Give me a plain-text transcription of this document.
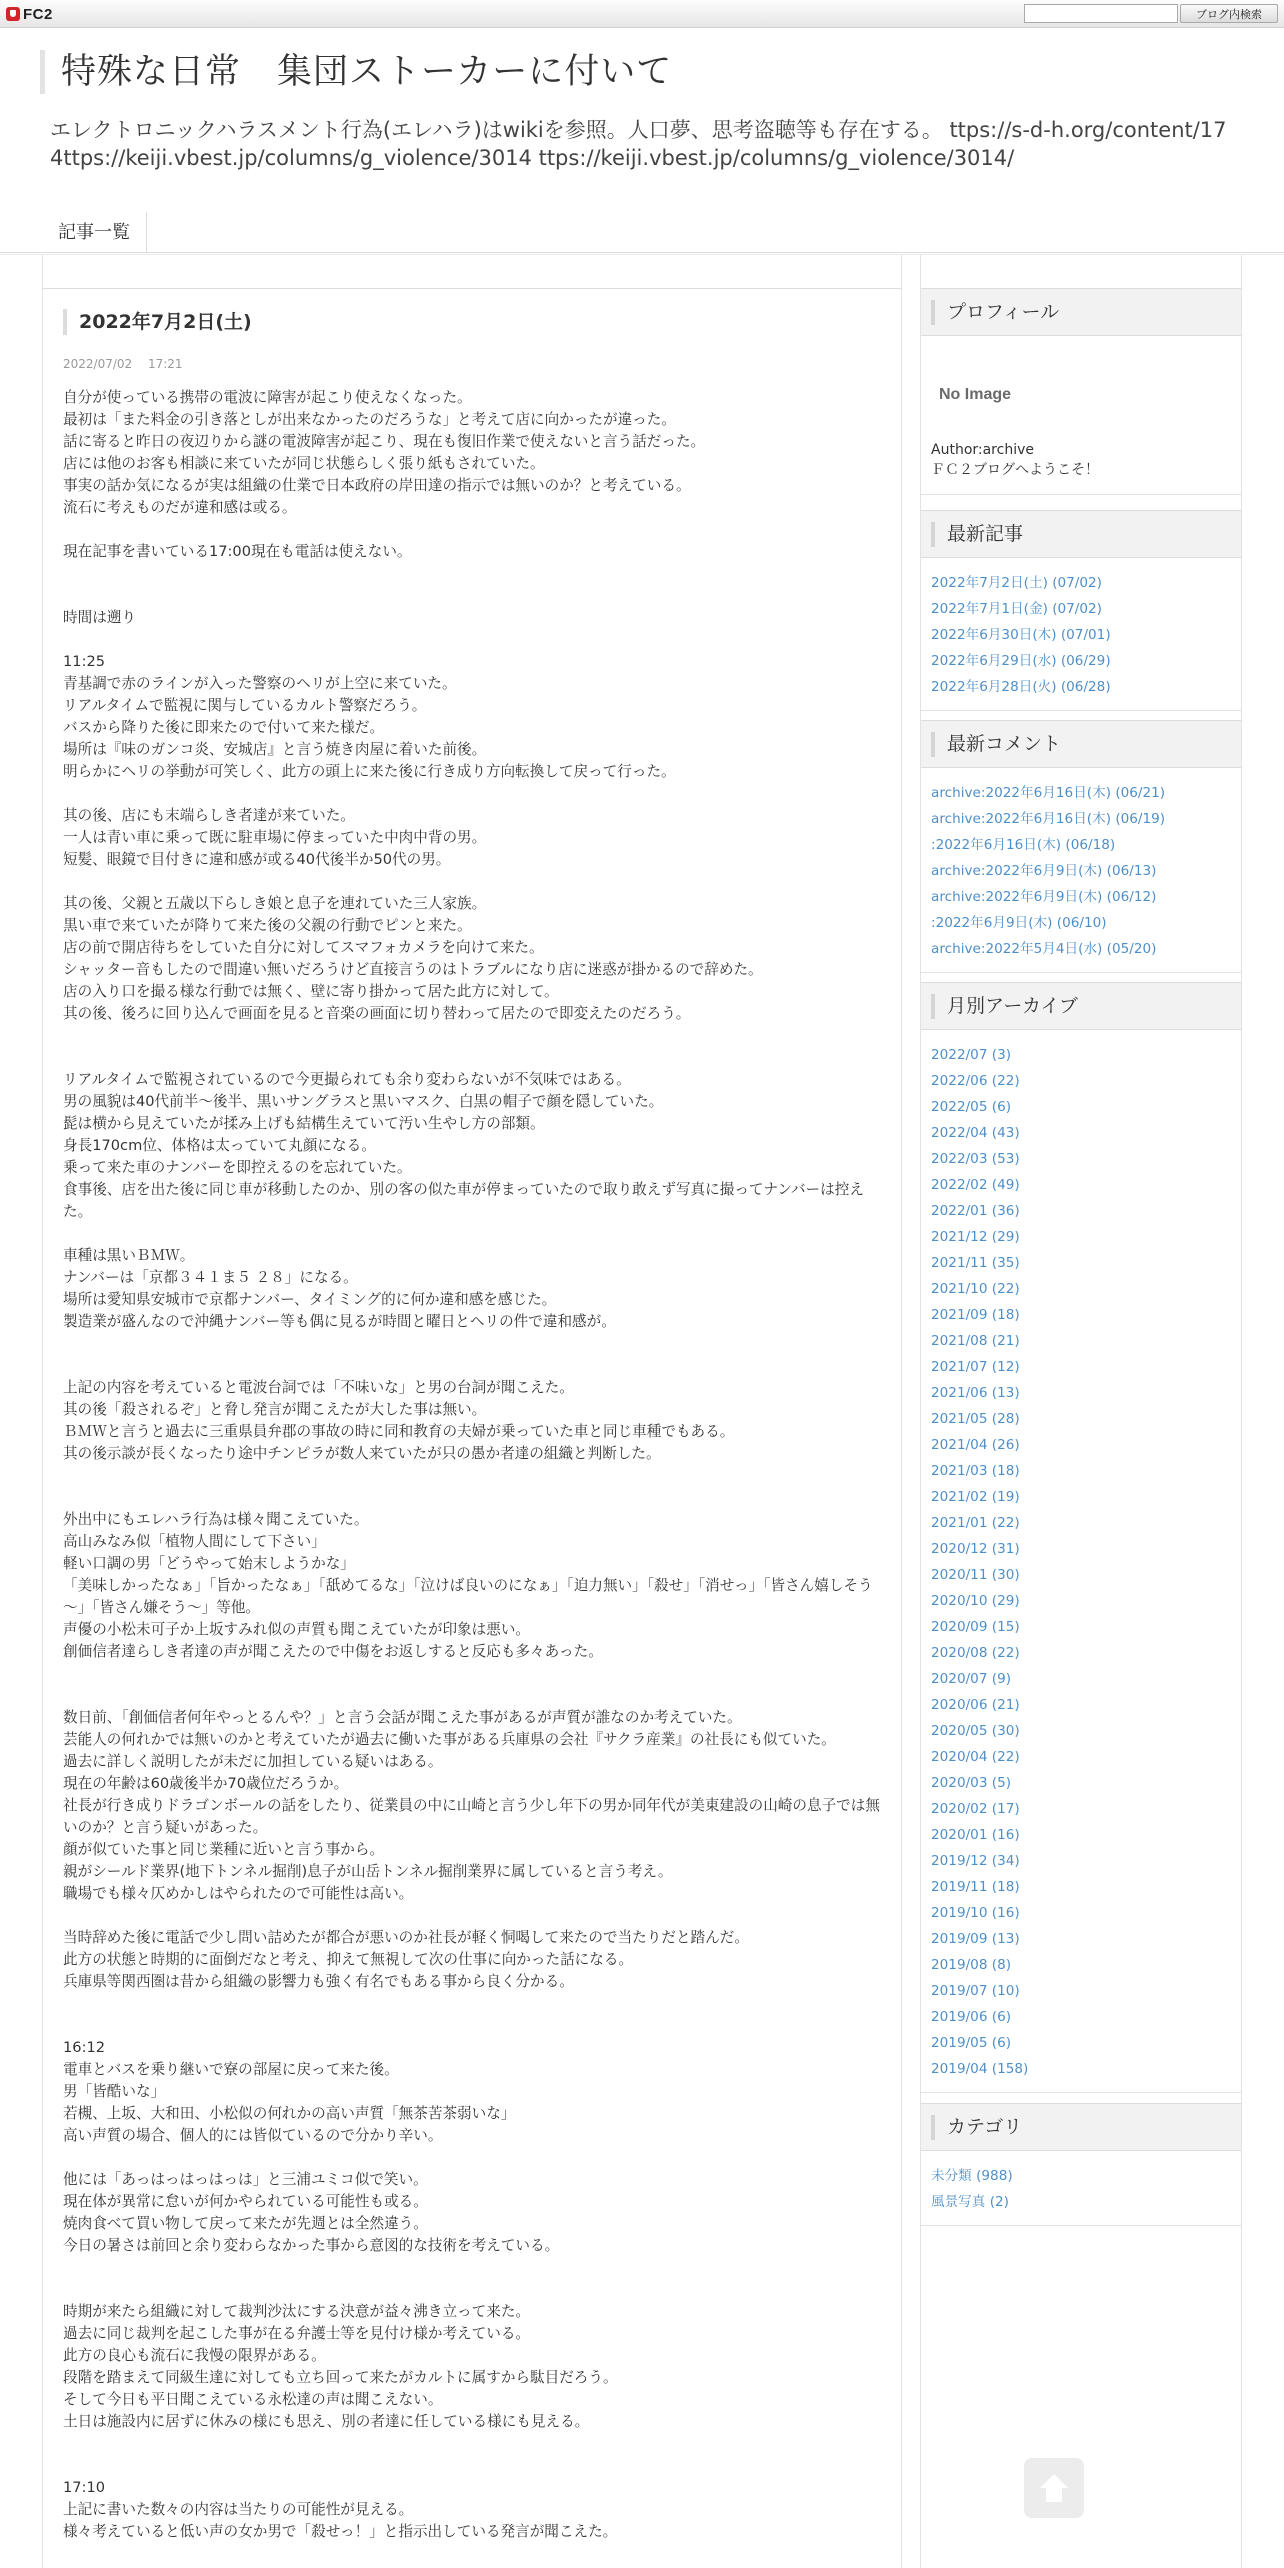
FC2	ブログ内検索
特殊な日常　集団ストーカーに付いて
エレクトロニックハラスメント行為(エレハラ)はwikiを参照。人口夢、思考盗聴等も存在する。 ttps://s-d-h.org/content/174ttps://keiji.vbest.jp/columns/g_violence/3014 ttps://keiji.vbest.jp/columns/g_violence/3014/
記事一覧
2022年7月2日(土)
2022/07/02　 17:21

自分が使っている携帯の電波に障害が起こり使えなくなった。

最初は「また料金の引き落としが出来なかったのだろうな」と考えて店に向かったが違った。

話に寄ると昨日の夜辺りから謎の電波障害が起こり、現在も復旧作業で使えないと言う話だった。

店には他のお客も相談に来ていたが同じ状態らしく張り紙もされていた。

事実の話か気になるが実は組織の仕業で日本政府の岸田達の指示では無いのか？と考えている。

流石に考えものだが違和感は或る。

現在記事を書いている17:00現在も電話は使えない。

時間は遡り

11:25

青基調で赤のラインが入った警察のヘリが上空に来ていた。

リアルタイムで監視に関与しているカルト警察だろう。

バスから降りた後に即来たので付いて来た様だ。

場所は『味のガンコ炎、安城店』と言う焼き肉屋に着いた前後。

明らかにヘリの挙動が可笑しく、此方の頭上に来た後に行き成り方向転換して戻って行った。

其の後、店にも末端らしき者達が来ていた。

一人は青い車に乗って既に駐車場に停まっていた中肉中背の男。

短髪、眼鏡で目付きに違和感が或る40代後半か50代の男。

其の後、父親と五歳以下らしき娘と息子を連れていた三人家族。

黒い車で来ていたが降りて来た後の父親の行動でピンと来た。

店の前で開店待ちをしていた自分に対してスマフォカメラを向けて来た。

シャッター音もしたので間違い無いだろうけど直接言うのはトラブルになり店に迷惑が掛かるので辞めた。

店の入り口を撮る様な行動では無く、壁に寄り掛かって居た此方に対して。

其の後、後ろに回り込んで画面を見ると音楽の画面に切り替わって居たので即変えたのだろう。

リアルタイムで監視されているので今更撮られても余り変わらないが不気味ではある。

男の風貌は40代前半～後半、黒いサングラスと黒いマスク、白黒の帽子で顔を隠していた。

髭は横から見えていたが揉み上げも結構生えていて汚い生やし方の部類。

身長170cm位、体格は太っていて丸顔になる。

乗って来た車のナンバーを即控えるのを忘れていた。

食事後、店を出た後に同じ車が移動したのか、別の客の似た車が停まっていたので取り敢えず写真に撮ってナンバーは控えた。

車種は黒いＢＭＷ。

ナンバーは「京都３４１ま５ ２８」になる。

場所は愛知県安城市で京都ナンバー、タイミング的に何か違和感を感じた。

製造業が盛んなので沖縄ナンバー等も偶に見るが時間と曜日とヘリの件で違和感が。

上記の内容を考えていると電波台詞では「不味いな」と男の台詞が聞こえた。

其の後「殺されるぞ」と脅し発言が聞こえたが大した事は無い。

ＢＭＷと言うと過去に三重県員弁郡の事故の時に同和教育の夫婦が乗っていた車と同じ車種でもある。

其の後示談が長くなったり途中チンピラが数人来ていたが只の愚か者達の組織と判断した。

外出中にもエレハラ行為は様々聞こえていた。

高山みなみ似「植物人間にして下さい」

軽い口調の男「どうやって始末しようかな」

「美味しかったなぁ」「旨かったなぁ」「舐めてるな」「泣けば良いのになぁ」「迫力無い」「殺せ」「消せっ」「皆さん嬉しそう～」「皆さん嫌そう～」等他。

声優の小松未可子か上坂すみれ似の声質も聞こえていたが印象は悪い。

創価信者達らしき者達の声が聞こえたので中傷をお返しすると反応も多々あった。

数日前、「創価信者何年やっとるんや？」と言う会話が聞こえた事があるが声質が誰なのか考えていた。

芸能人の何れかでは無いのかと考えていたが過去に働いた事がある兵庫県の会社『サクラ産業』の社長にも似ていた。

過去に詳しく説明したが未だに加担している疑いはある。

現在の年齢は60歳後半か70歳位だろうか。

社長が行き成りドラゴンボールの話をしたり、従業員の中に山崎と言う少し年下の男か同年代が美東建設の山崎の息子では無いのか？と言う疑いがあった。

顔が似ていた事と同じ業種に近いと言う事から。

親がシールド業界(地下トンネル掘削)息子が山岳トンネル掘削業界に属していると言う考え。

職場でも様々仄めかしはやられたので可能性は高い。

当時辞めた後に電話で少し問い詰めたが都合が悪いのか社長が軽く恫喝して来たので当たりだと踏んだ。

此方の状態と時期的に面倒だなと考え、抑えて無視して次の仕事に向かった話になる。

兵庫県等関西圏は昔から組織の影響力も強く有名でもある事から良く分かる。

16:12

電車とバスを乗り継いで寮の部屋に戻って来た後。

男「皆酷いな」

若槻、上坂、大和田、小松似の何れかの高い声質「無茶苦茶弱いな」

高い声質の場合、個人的には皆似ているので分かり辛い。

他には「あっはっはっはっは」と三浦ユミコ似で笑い。

現在体が異常に怠いが何かやられている可能性も或る。

焼肉食べて買い物して戻って来たが先週とは全然違う。

今日の暑さは前回と余り変わらなかった事から意図的な技術を考えている。

時期が来たら組織に対して裁判沙汰にする決意が益々沸き立って来た。

過去に同じ裁判を起こした事が在る弁護士等を見付け様か考えている。

此方の良心も流石に我慢の限界がある。

段階を踏まえて同級生達に対しても立ち回って来たがカルトに属すから駄目だろう。

そして今日も平日聞こえている永松達の声は聞こえない。

土日は施設内に居ずに休みの様にも思え、別の者達に任している様にも見える。

17:10

上記に書いた数々の内容は当たりの可能性が見える。

様々考えていると低い声の女か男で「殺せっ！」と指示出している発言が聞こえた。

プロフィール
No Image
Author:archive
ＦＣ２ブログへようこそ！
最新記事
2022年7月2日(土) (07/02)
2022年7月1日(金) (07/02)
2022年6月30日(木) (07/01)
2022年6月29日(水) (06/29)
2022年6月28日(火) (06/28)
最新コメント
archive:2022年6月16日(木) (06/21)
archive:2022年6月16日(木) (06/19)
:2022年6月16日(木) (06/18)
archive:2022年6月9日(木) (06/13)
archive:2022年6月9日(木) (06/12)
:2022年6月9日(木) (06/10)
archive:2022年5月4日(水) (05/20)
月別アーカイブ
2022/07 (3)
2022/06 (22)
2022/05 (6)
2022/04 (43)
2022/03 (53)
2022/02 (49)
2022/01 (36)
2021/12 (29)
2021/11 (35)
2021/10 (22)
2021/09 (18)
2021/08 (21)
2021/07 (12)
2021/06 (13)
2021/05 (28)
2021/04 (26)
2021/03 (18)
2021/02 (19)
2021/01 (22)
2020/12 (31)
2020/11 (30)
2020/10 (29)
2020/09 (15)
2020/08 (22)
2020/07 (9)
2020/06 (21)
2020/05 (30)
2020/04 (22)
2020/03 (5)
2020/02 (17)
2020/01 (16)
2019/12 (34)
2019/11 (18)
2019/10 (16)
2019/09 (13)
2019/08 (8)
2019/07 (10)
2019/06 (6)
2019/05 (6)
2019/04 (158)
カテゴリ
未分類 (988)
風景写真 (2)
